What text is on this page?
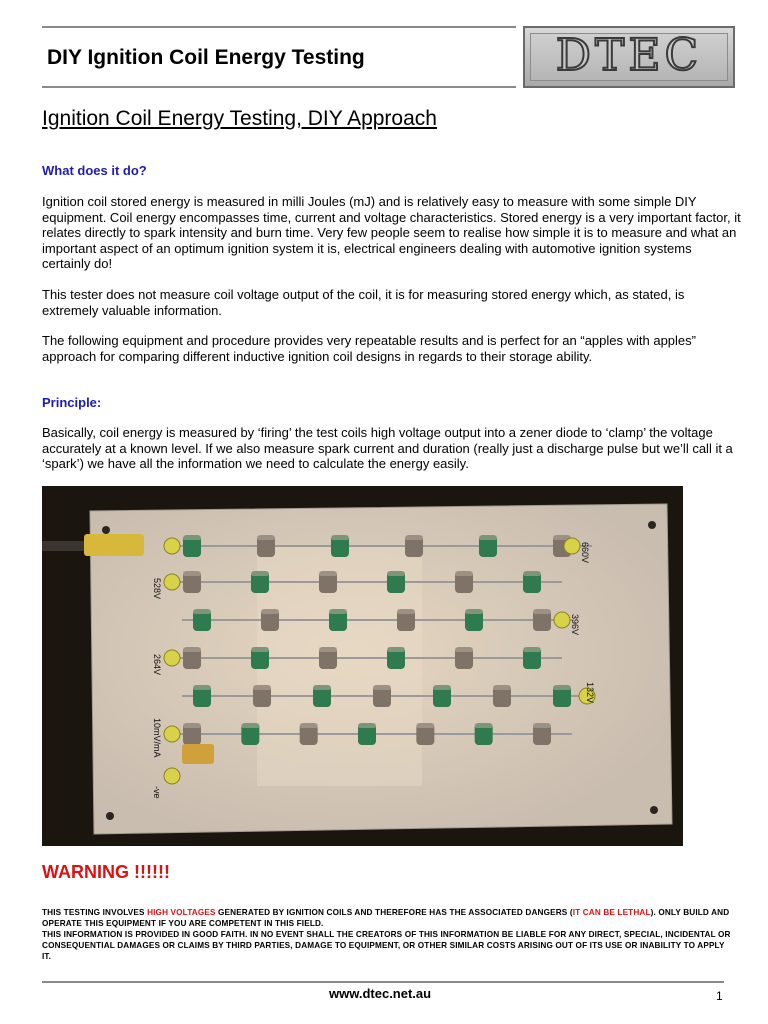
DIY Ignition Coil Energy Testing	DTEC
Ignition Coil Energy Testing, DIY Approach
What does it do?
Ignition coil stored energy is measured in milli Joules (mJ) and is relatively easy to measure with some simple DIY equipment. Coil energy encompasses time, current and voltage characteristics. Stored energy is a very important factor, it relates directly to spark intensity and burn time. Very few people seem to realise how simple it is to measure and what an important aspect of an optimum ignition system it is, electrical engineers dealing with automotive ignition systems certainly do!
This tester does not measure coil voltage output of the coil, it is for measuring stored energy which, as stated, is extremely valuable information.
The following equipment and procedure provides very repeatable results and is perfect for an “apples with apples” approach for comparing different inductive ignition coil designs in regards to their storage ability.
Principle:
Basically, coil energy is measured by ‘firing’ the test coils high voltage output into a zener diode to ‘clamp’ the voltage accurately at a known level. If we also measure spark current and duration (really just a discharge pulse but we’ll call it a ‘spark’) we have all the information we need to calculate the energy easily.
660V
528V
396V
264V
132V
10mV/mA
-ve
WARNING !!!!!!
THIS TESTING INVOLVES HIGH VOLTAGES GENERATED BY IGNITION COILS AND THEREFORE HAS THE ASSOCIATED DANGERS (IT CAN BE LETHAL). ONLY BUILD AND OPERATE THIS EQUIPMENT IF YOU ARE COMPETENT IN THIS FIELD.
THIS INFORMATION IS PROVIDED IN GOOD FAITH. IN NO EVENT SHALL THE CREATORS OF THIS INFORMATION BE LIABLE FOR ANY DIRECT, SPECIAL, INCIDENTAL OR CONSEQUENTIAL DAMAGES OR CLAIMS BY THIRD PARTIES, DAMAGE TO EQUIPMENT, OR OTHER SIMILAR COSTS ARISING OUT OF ITS USE OR INABILITY TO APPLY IT.
www.dtec.net.au	1
